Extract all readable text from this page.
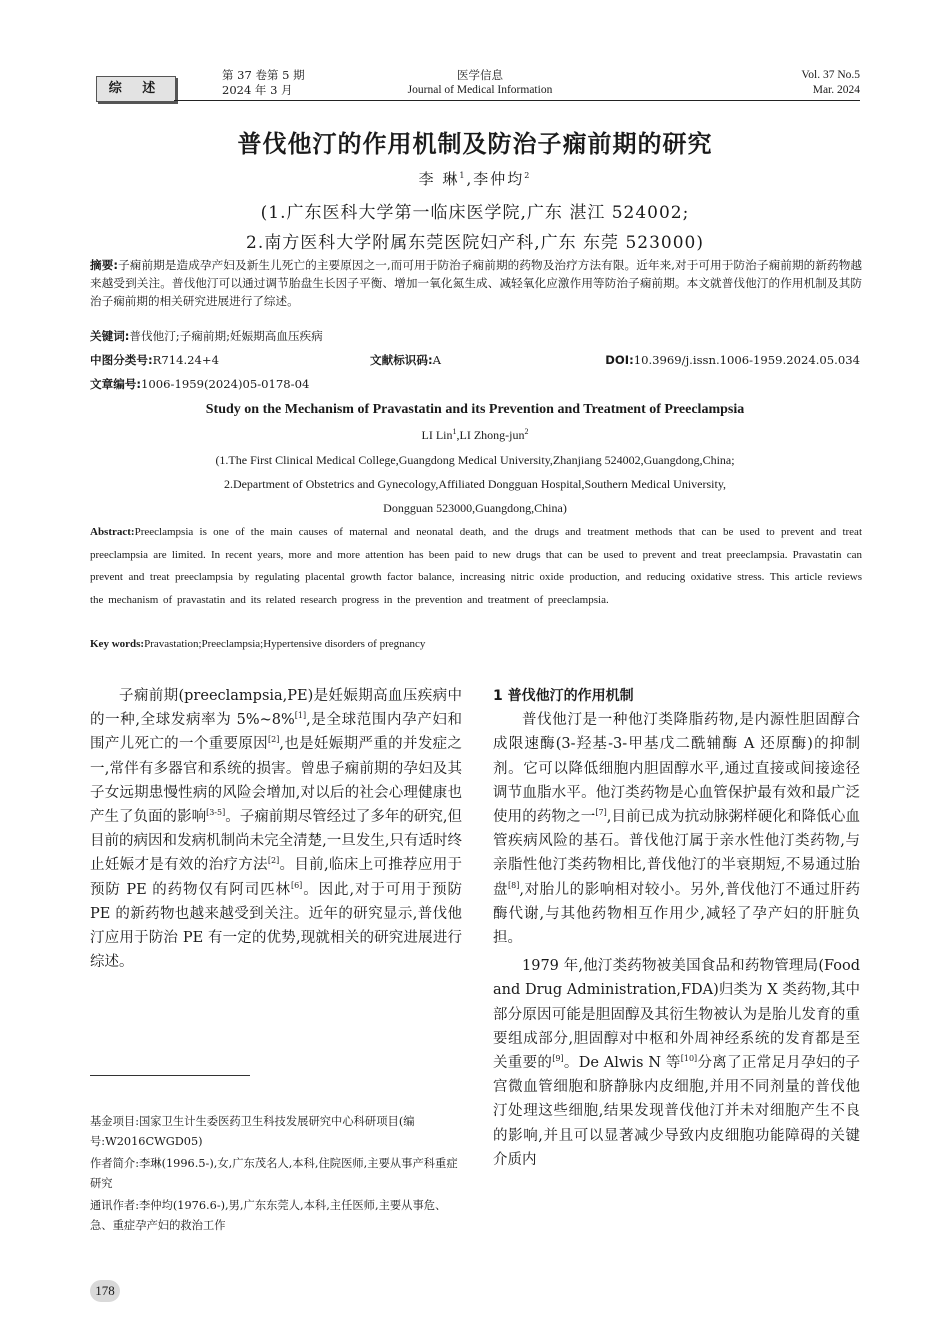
综 述
第 37 卷第 5 期
2024 年 3 月
医学信息
Journal of Medical Information
Vol. 37 No.5
Mar. 2024
普伐他汀的作用机制及防治子痫前期的研究
李 琳$^1$,李仲均$^2$
(1.广东医科大学第一临床医学院,广东 湛江 524002;
2.南方医科大学附属东莞医院妇产科,广东 东莞 523000)
摘要:子痫前期是造成孕产妇及新生儿死亡的主要原因之一,而可用于防治子痫前期的药物及治疗方法有限。近年来,对于可用于防治子痫前期的新药物越来越受到关注。普伐他汀可以通过调节胎盘生长因子平衡、增加一氧化氮生成、减轻氧化应激作用等防治子痫前期。本文就普伐他汀的作用机制及其防治子痫前期的相关研究进展进行了综述。
关键词:普伐他汀;子痫前期;妊娠期高血压疾病
中图分类号:R714.24+4	文献标识码:A	DOI:10.3969/j.issn.1006-1959.2024.05.034
文章编号:1006-1959(2024)05-0178-04
Study on the Mechanism of Pravastatin and its Prevention and Treatment of Preeclampsia
LI Lin$^1$,LI Zhong-jun$^2$
(1.The First Clinical Medical College,Guangdong Medical University,Zhanjiang 524002,Guangdong,China;
2.Department of Obstetrics and Gynecology,Affiliated Dongguan Hospital,Southern Medical University,
Dongguan 523000,Guangdong,China)
Abstract:Preeclampsia is one of the main causes of maternal and neonatal death, and the drugs and treatment methods that can be used to prevent and treat preeclampsia are limited. In recent years, more and more attention has been paid to new drugs that can be used to prevent and treat preeclampsia. Pravastatin can prevent and treat preeclampsia by regulating placental growth factor balance, increasing nitric oxide production, and reducing oxidative stress. This article reviews the mechanism of pravastatin and its related research progress in the prevention and treatment of preeclampsia.
Key words:Pravastation;Preeclampsia;Hypertensive disorders of pregnancy

子痫前期(preeclampsia,PE)是妊娠期高血压疾病中的一种,全球发病率为 5%~8%[1],是全球范围内孕产妇和围产儿死亡的一个重要原因[2],也是妊娠期严重的并发症之一,常伴有多器官和系统的损害。曾患子痫前期的孕妇及其子女远期患慢性病的风险会增加,对以后的社会心理健康也产生了负面的影响[3-5]。子痫前期尽管经过了多年的研究,但目前的病因和发病机制尚未完全清楚,一旦发生,只有适时终止妊娠才是有效的治疗方法[2]。目前,临床上可推荐应用于预防 PE 的药物仅有阿司匹林[6]。因此,对于可用于预防 PE 的新药物也越来越受到关注。近年的研究显示,普伐他汀应用于防治 PE 有一定的优势,现就相关的研究进展进行综述。

1 普伐他汀的作用机制

普伐他汀是一种他汀类降脂药物,是内源性胆固醇合成限速酶(3-羟基-3-甲基戊二酰辅酶 A 还原酶)的抑制剂。它可以降低细胞内胆固醇水平,通过直接或间接途径调节血脂水平。他汀类药物是心血管保护最有效和最广泛使用的药物之一[7],目前已成为抗动脉粥样硬化和降低心血管疾病风险的基石。普伐他汀属于亲水性他汀类药物,与亲脂性他汀类药物相比,普伐他汀的半衰期短,不易通过胎盘[8],对胎儿的影响相对较小。另外,普伐他汀不通过肝药酶代谢,与其他药物相互作用少,减轻了孕产妇的肝脏负担。

1979 年,他汀类药物被美国食品和药物管理局(Food and Drug Administration,FDA)归类为 X 类药物,其中部分原因可能是胆固醇及其衍生物被认为是胎儿发育的重要组成部分,胆固醇对中枢和外周神经系统的发育都是至关重要的[9]。De Alwis N 等[10]分离了正常足月孕妇的子宫微血管细胞和脐静脉内皮细胞,并用不同剂量的普伐他汀处理这些细胞,结果发现普伐他汀并未对细胞产生不良的影响,并且可以显著减少导致内皮细胞功能障碍的关键介质内

基金项目:国家卫生计生委医药卫生科技发展研究中心科研项目(编号:W2016CWGD05)

作者简介:李琳(1996.5-),女,广东茂名人,本科,住院医师,主要从事产科重症研究

通讯作者:李仲均(1976.6-),男,广东东莞人,本科,主任医师,主要从事危、急、重症孕产妇的救治工作

178
